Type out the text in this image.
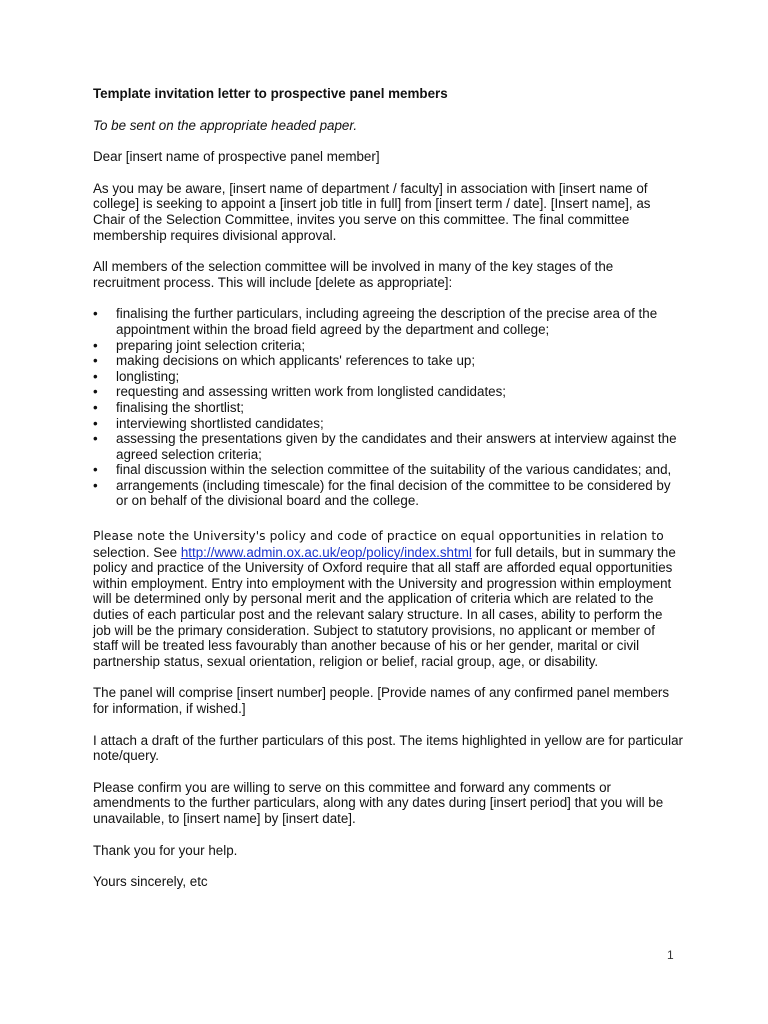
Template invitation letter to prospective panel members

To be sent on the appropriate headed paper.

Dear [insert name of prospective panel member]

As you may be aware, [insert name of department / faculty] in association with [insert name of college] is seeking to appoint a [insert job title in full] from [insert term / date]. [Insert name], as Chair of the Selection Committee, invites you serve on this committee. The final committee membership requires divisional approval.

All members of the selection committee will be involved in many of the key stages of the recruitment process. This will include [delete as appropriate]:

• finalising the further particulars, including agreeing the description of the precise area of the appointment within the broad field agreed by the department and college;
• preparing joint selection criteria;
• making decisions on which applicants' references to take up;
• longlisting;
• requesting and assessing written work from longlisted candidates;
• finalising the shortlist;
• interviewing shortlisted candidates;
• assessing the presentations given by the candidates and their answers at interview against the agreed selection criteria;
• final discussion within the selection committee of the suitability of the various candidates; and,
• arrangements (including timescale) for the final decision of the committee to be considered by or on behalf of the divisional board and the college.
Please note the University's policy and code of practice on equal opportunities in relation to
selection. See http://www.admin.ox.ac.uk/eop/policy/index.shtml for full details, but in summary the policy and practice of the University of Oxford require that all staff are afforded equal opportunities within employment. Entry into employment with the University and progression within employment will be determined only by personal merit and the application of criteria which are related to the duties of each particular post and the relevant salary structure. In all cases, ability to perform the job will be the primary consideration. Subject to statutory provisions, no applicant or member of staff will be treated less favourably than another because of his or her gender, marital or civil partnership status, sexual orientation, religion or belief, racial group, age, or disability.

The panel will comprise [insert number] people. [Provide names of any confirmed panel members for information, if wished.]

I attach a draft of the further particulars of this post. The items highlighted in yellow are for particular note/query.

Please confirm you are willing to serve on this committee and forward any comments or amendments to the further particulars, along with any dates during [insert period] that you will be unavailable, to [insert name] by [insert date].

Thank you for your help.

Yours sincerely, etc

1
